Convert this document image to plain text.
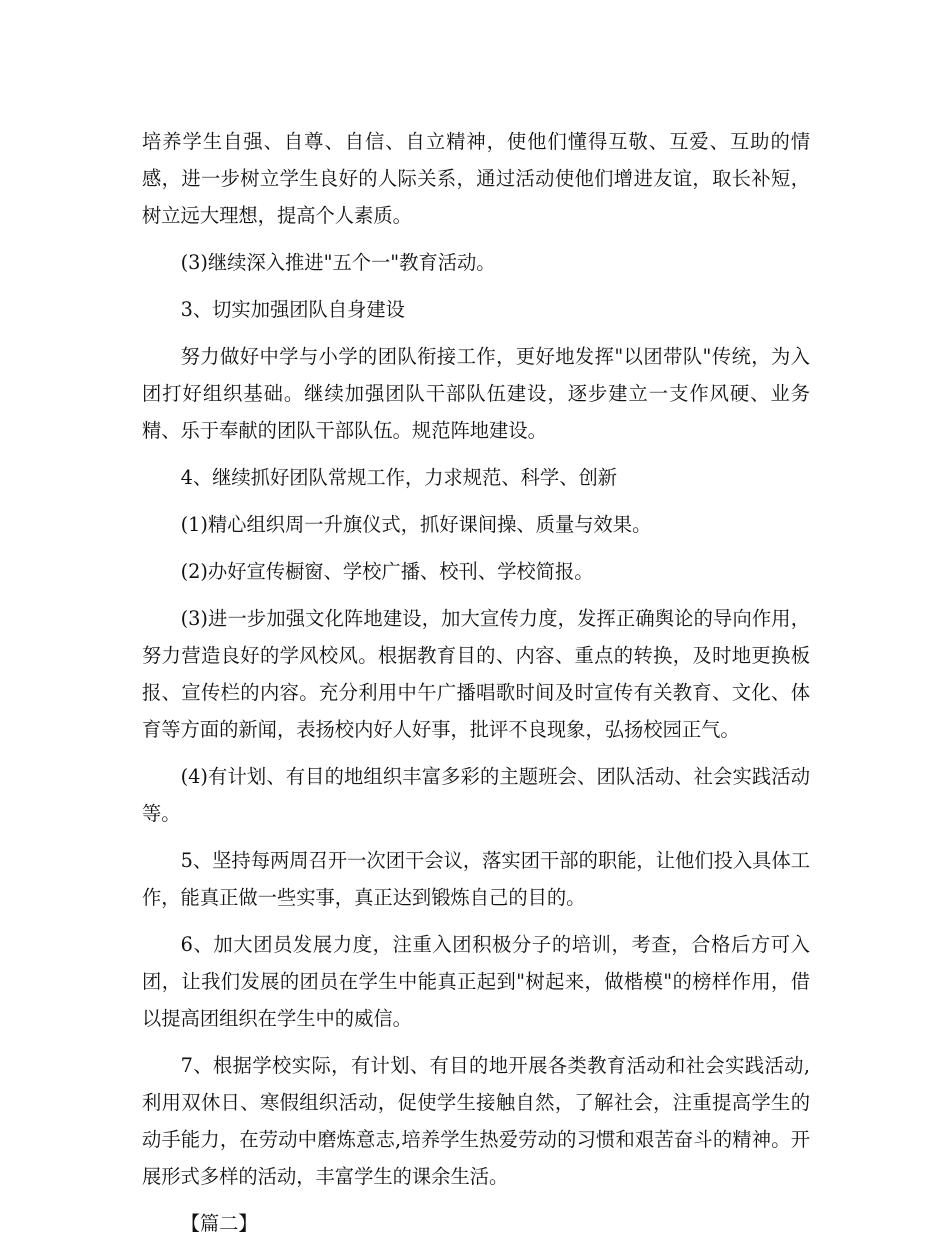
培养学生自强、自尊、自信、自立精神，使他们懂得互敬、互爱、互助的情感，进一步树立学生良好的人际关系，通过活动使他们增进友谊，取长补短，树立远大理想，提高个人素质。

(3)继续深入推进"五个一"教育活动。

3、切实加强团队自身建设

努力做好中学与小学的团队衔接工作，更好地发挥"以团带队"传统，为入团打好组织基础。继续加强团队干部队伍建设，逐步建立一支作风硬、业务精、乐于奉献的团队干部队伍。规范阵地建设。

4、继续抓好团队常规工作，力求规范、科学、创新

(1)精心组织周一升旗仪式，抓好课间操、质量与效果。

(2)办好宣传橱窗、学校广播、校刊、学校简报。

(3)进一步加强文化阵地建设，加大宣传力度，发挥正确舆论的导向作用，努力营造良好的学风校风。根据教育目的、内容、重点的转换，及时地更换板报、宣传栏的内容。充分利用中午广播唱歌时间及时宣传有关教育、文化、体育等方面的新闻，表扬校内好人好事，批评不良现象，弘扬校园正气。

(4)有计划、有目的地组织丰富多彩的主题班会、团队活动、社会实践活动等。

5、坚持每两周召开一次团干会议，落实团干部的职能，让他们投入具体工作，能真正做一些实事，真正达到锻炼自己的目的。

6、加大团员发展力度，注重入团积极分子的培训，考查，合格后方可入团，让我们发展的团员在学生中能真正起到"树起来，做楷模"的榜样作用，借以提高团组织在学生中的威信。

7、根据学校实际，有计划、有目的地开展各类教育活动和社会实践活动,利用双休日、寒假组织活动，促使学生接触自然，了解社会，注重提高学生的动手能力，在劳动中磨炼意志,培养学生热爱劳动的习惯和艰苦奋斗的精神。开展形式多样的活动，丰富学生的课余生活。

【篇二】
